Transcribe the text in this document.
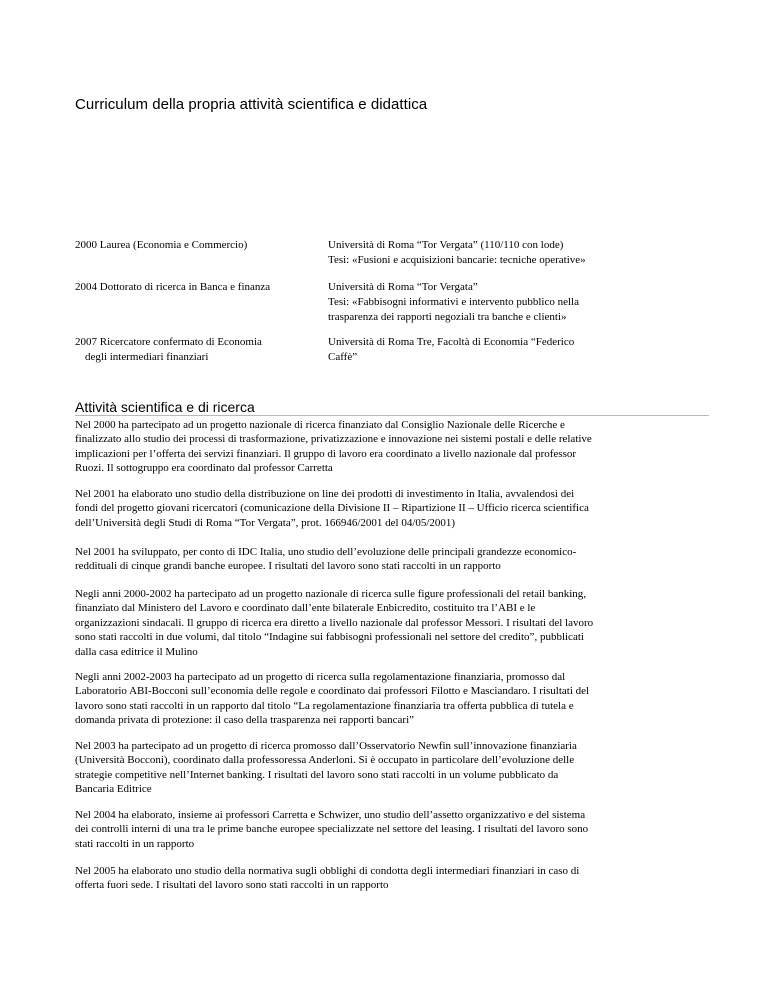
Curriculum della propria attività scientifica e didattica
2000 Laurea (Economia e Commercio)	Università di Roma “Tor Vergata” (110/110 con lode)
Tesi: «Fusioni e acquisizioni bancarie: tecniche operative»
2004 Dottorato di ricerca in Banca e finanza	Università di Roma “Tor Vergata”
Tesi: «Fabbisogni informativi e intervento pubblico nella
trasparenza dei rapporti negoziali tra banche e clienti»
2007 Ricercatore confermato di Economia
degli intermediari finanziari
Università di Roma Tre, Facoltà di Economia “Federico
Caffè”
Attività scientifica e di ricerca

Nel 2000 ha partecipato ad un progetto nazionale di ricerca finanziato dal Consiglio Nazionale delle Ricerche e finalizzato allo studio dei processi di trasformazione, privatizzazione e innovazione nei sistemi postali e delle relative implicazioni per l’offerta dei servizi finanziari. Il gruppo di lavoro era coordinato a livello nazionale dal professor Ruozi. Il sottogruppo era coordinato dal professor Carretta

Nel 2001 ha elaborato uno studio della distribuzione on line dei prodotti di investimento in Italia, avvalendosi dei fondi del progetto giovani ricercatori (comunicazione della Divisione II – Ripartizione II – Ufficio ricerca scientifica dell’Università degli Studi di Roma “Tor Vergata”, prot. 166946/2001 del 04/05/2001)

Nel 2001 ha sviluppato, per conto di IDC Italia, uno studio dell’evoluzione delle principali grandezze economico-reddituali di cinque grandi banche europee. I risultati del lavoro sono stati raccolti in un rapporto

Negli anni 2000-2002 ha partecipato ad un progetto nazionale di ricerca sulle figure professionali del retail banking, finanziato dal Ministero del Lavoro e coordinato dall’ente bilaterale Enbicredito, costituito tra l’ABI e le organizzazioni sindacali. Il gruppo di ricerca era diretto a livello nazionale dal professor Messori. I risultati del lavoro sono stati raccolti in due volumi, dal titolo “Indagine sui fabbisogni professionali nel settore del credito”, pubblicati dalla casa editrice il Mulino

Negli anni 2002-2003 ha partecipato ad un progetto di ricerca sulla regolamentazione finanziaria, promosso dal Laboratorio ABI-Bocconi sull’economia delle regole e coordinato dai professori Filotto e Masciandaro. I risultati del lavoro sono stati raccolti in un rapporto dal titolo “La regolamentazione finanziaria tra offerta pubblica di tutela e domanda privata di protezione: il caso della trasparenza nei rapporti bancari”

Nel 2003 ha partecipato ad un progetto di ricerca promosso dall’Osservatorio Newfin sull’innovazione finanziaria (Università Bocconi), coordinato dalla professoressa Anderloni. Si è occupato in particolare dell’evoluzione delle strategie competitive nell’Internet banking. I risultati del lavoro sono stati raccolti in un volume pubblicato da Bancaria Editrice

Nel 2004 ha elaborato, insieme ai professori Carretta e Schwizer, uno studio dell’assetto organizzativo e del sistema dei controlli interni di una tra le prime banche europee specializzate nel settore del leasing. I risultati del lavoro sono stati raccolti in un rapporto

Nel 2005 ha elaborato uno studio della normativa sugli obblighi di condotta degli intermediari finanziari in caso di offerta fuori sede. I risultati del lavoro sono stati raccolti in un rapporto
